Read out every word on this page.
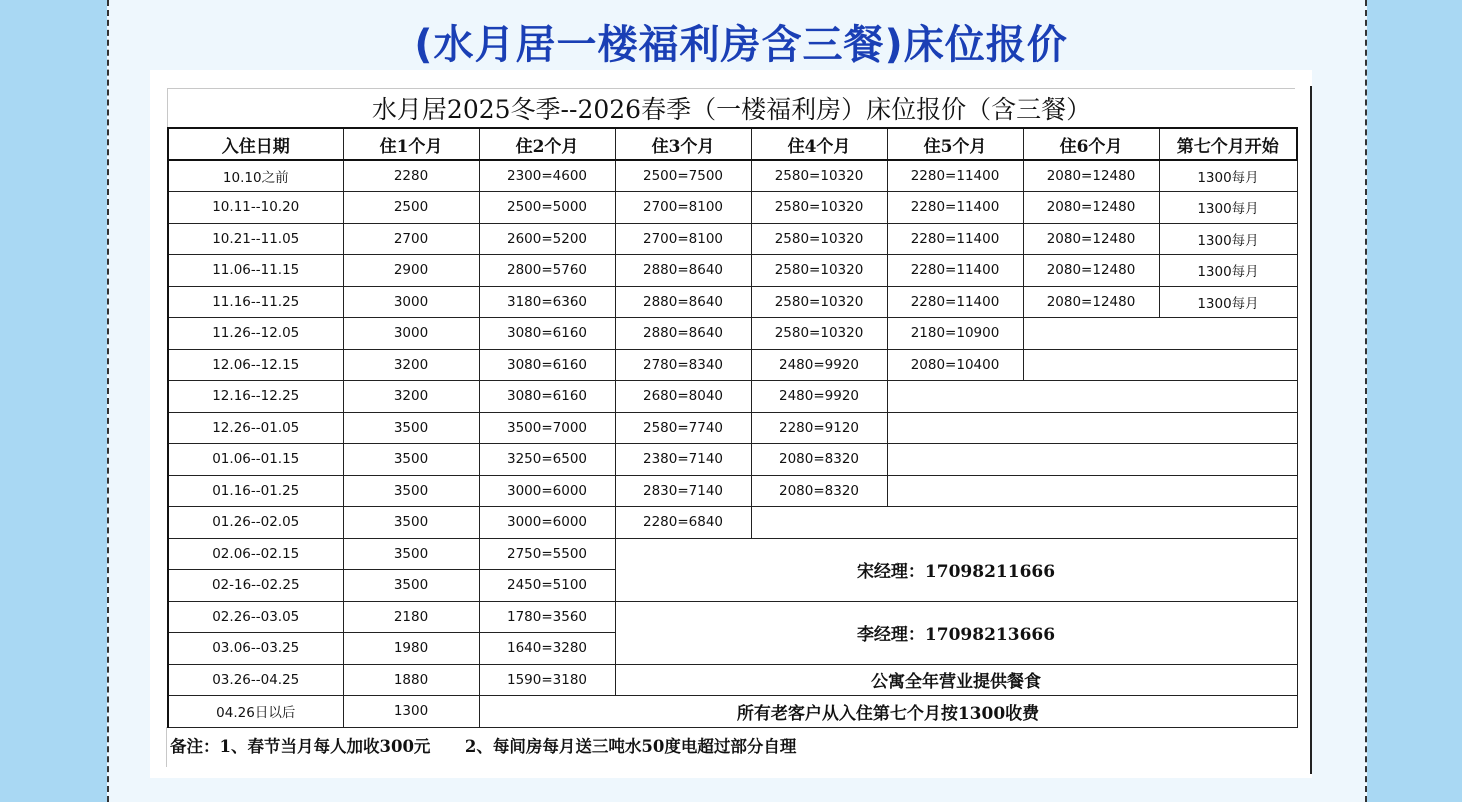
(水月居一楼福利房含三餐)床位报价
水月居2025冬季--2026春季（一楼福利房）床位报价（含三餐）
入住日期	住1个月	住2个月	住3个月	住4个月	住5个月	住6个月	第七个月开始
10.10之前	2280	2300=4600	2500=7500	2580=10320	2280=11400	2080=12480	1300每月
10.11--10.20	2500	2500=5000	2700=8100	2580=10320	2280=11400	2080=12480	1300每月
10.21--11.05	2700	2600=5200	2700=8100	2580=10320	2280=11400	2080=12480	1300每月
11.06--11.15	2900	2800=5760	2880=8640	2580=10320	2280=11400	2080=12480	1300每月
11.16--11.25	3000	3180=6360	2880=8640	2580=10320	2280=11400	2080=12480	1300每月
11.26--12.05	3000	3080=6160	2880=8640	2580=10320	2180=10900		
12.06--12.15	3200	3080=6160	2780=8340	2480=9920	2080=10400		
12.16--12.25	3200	3080=6160	2680=8040	2480=9920			
12.26--01.05	3500	3500=7000	2580=7740	2280=9120			
01.06--01.15	3500	3250=6500	2380=7140	2080=8320			
01.16--01.25	3500	3000=6000	2830=7140	2080=8320			
01.26--02.05	3500	3000=6000	2280=6840				
02.06--02.15	3500	2750=5500	宋经理：17098211666				
02-16--02.25	3500	2450=5100					
02.26--03.05	2180	1780=3560	李经理：17098213666				
03.06--03.25	1980	1640=3280					
03.26--04.25	1880	1590=3180	公寓全年营业提供餐食				
04.26日以后	1300	所有老客户从入住第七个月按1300收费					
备注：1、春节当月每人加收300元      2、每间房每月送三吨水50度电超过部分自理
